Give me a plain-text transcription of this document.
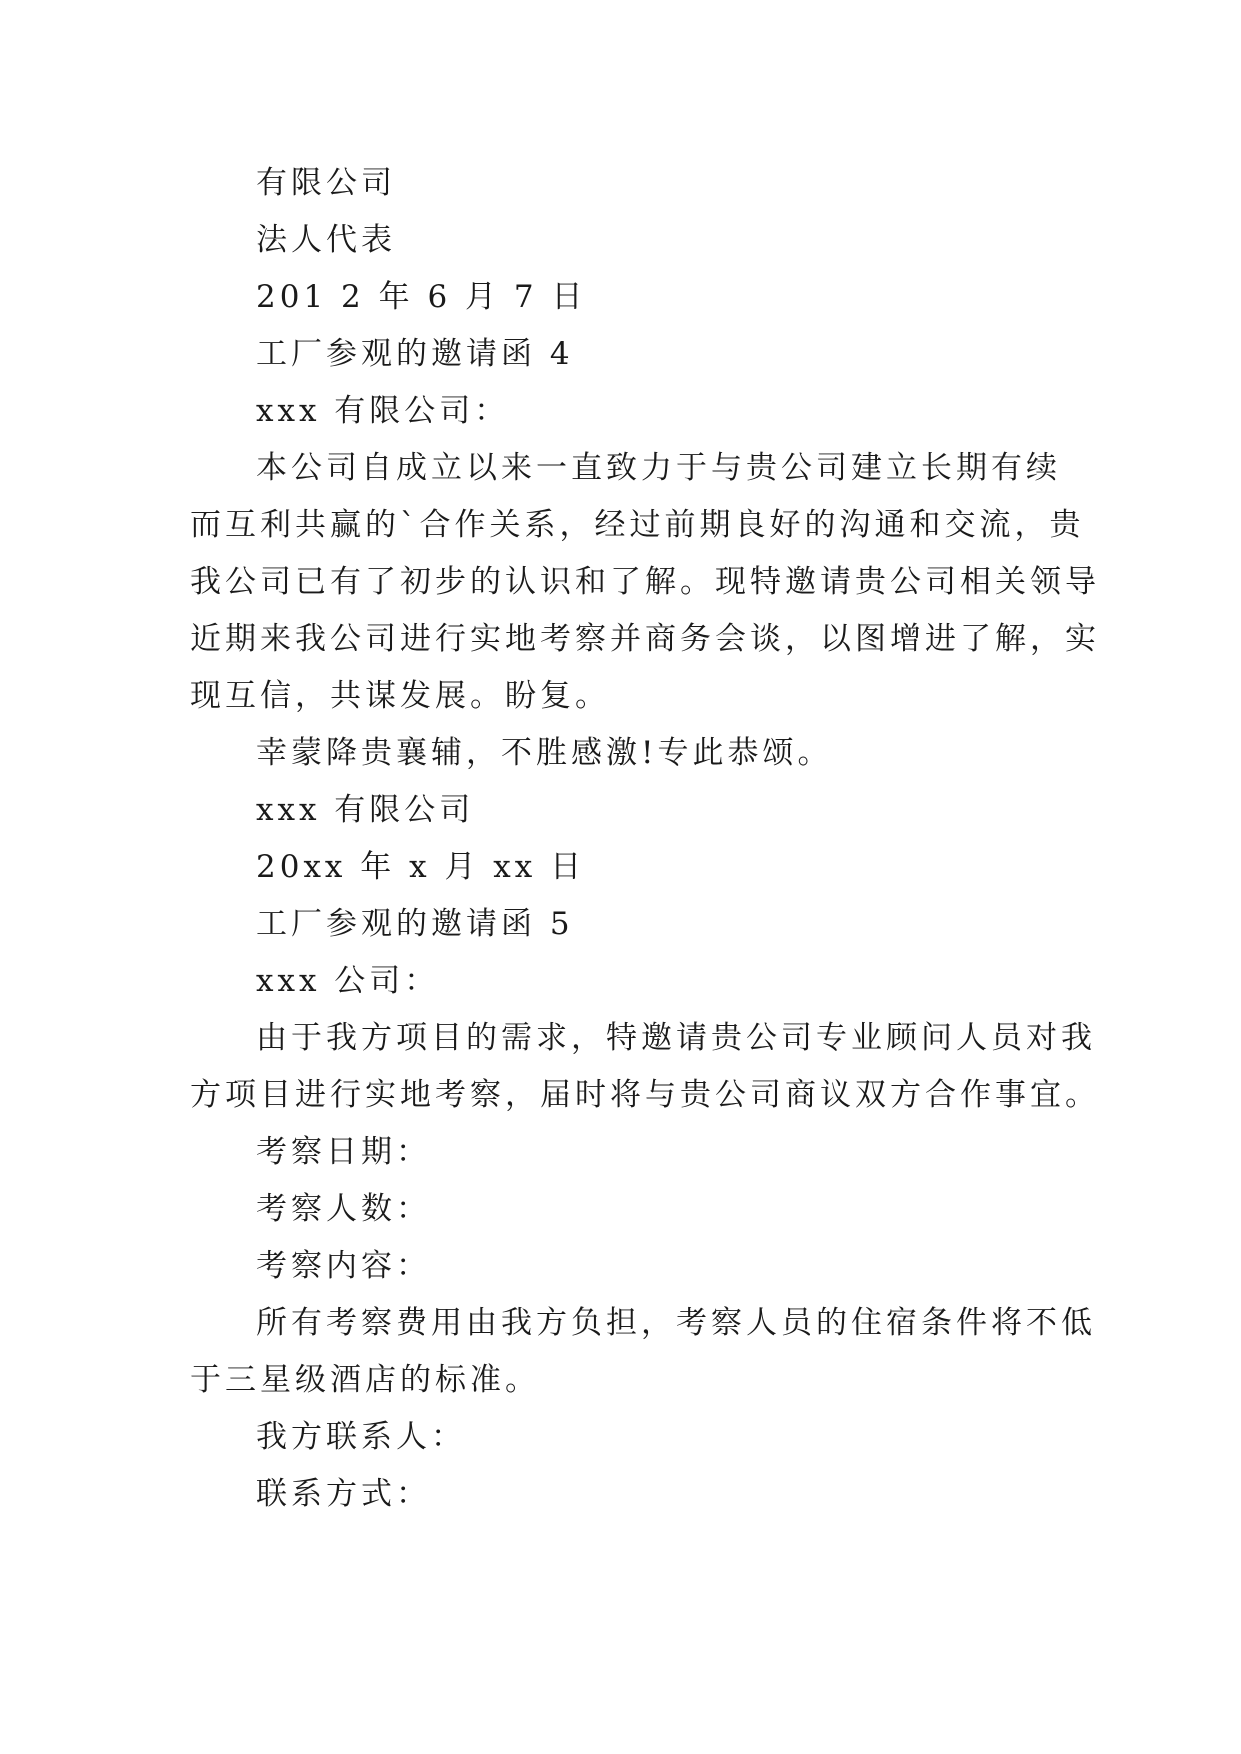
有限公司
法人代表
201 2 年 6 月 7 日
工厂参观的邀请函 4
xxx 有限公司：
本公司自成立以来一直致力于与贵公司建立长期有续
而互利共赢的`合作关系，经过前期良好的沟通和交流，贵
我公司已有了初步的认识和了解。现特邀请贵公司相关领导
近期来我公司进行实地考察并商务会谈，以图增进了解，实
现互信，共谋发展。盼复。
幸蒙降贵襄辅，不胜感激!专此恭颂。
xxx 有限公司
20xx 年 x 月 xx 日
工厂参观的邀请函 5
xxx 公司：
由于我方项目的需求，特邀请贵公司专业顾问人员对我
方项目进行实地考察，届时将与贵公司商议双方合作事宜。
考察日期：
考察人数：
考察内容：
所有考察费用由我方负担，考察人员的住宿条件将不低
于三星级酒店的标准。
我方联系人：
联系方式：
